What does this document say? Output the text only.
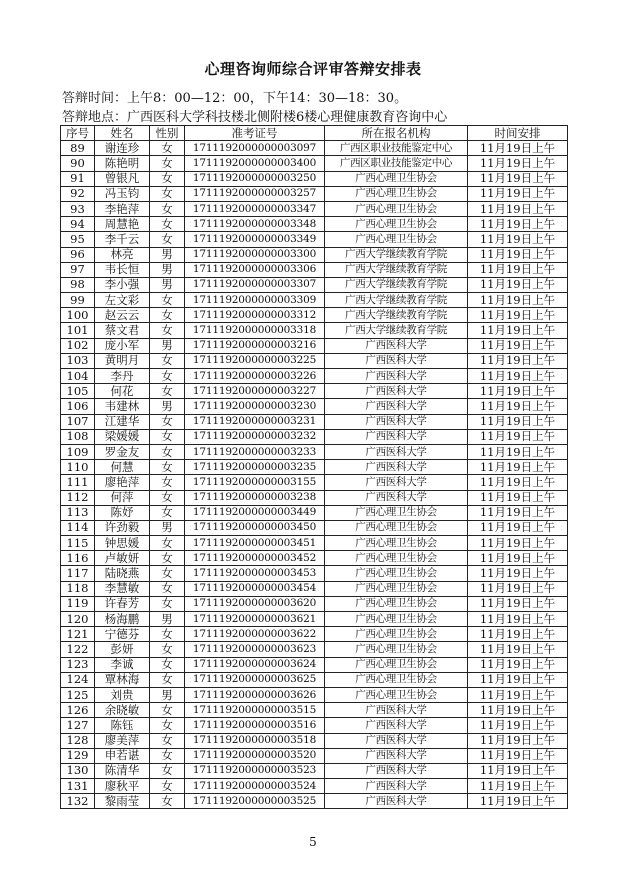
心理咨询师综合评审答辩安排表
答辩时间：上午8：00—12：00，下午14：30—18：30。
答辩地点：广西医科大学科技楼北侧附楼6楼心理健康教育咨询中心
序号	姓名	性别	准考证号	所在报名机构	时间安排
89	谢连珍	女	1711192000000003097	广西区职业技能鉴定中心	11月19日上午
90	陈艳明	女	1711192000000003400	广西区职业技能鉴定中心	11月19日上午
91	曾银凡	女	1711192000000003250	广西心理卫生协会	11月19日上午
92	冯玉钧	女	1711192000000003257	广西心理卫生协会	11月19日上午
93	李艳萍	女	1711192000000003347	广西心理卫生协会	11月19日上午
94	周慧艳	女	1711192000000003348	广西心理卫生协会	11月19日上午
95	李千云	女	1711192000000003349	广西心理卫生协会	11月19日上午
96	林亮	男	1711192000000003300	广西大学继续教育学院	11月19日上午
97	韦长恒	男	1711192000000003306	广西大学继续教育学院	11月19日上午
98	李小强	男	1711192000000003307	广西大学继续教育学院	11月19日上午
99	左文彩	女	1711192000000003309	广西大学继续教育学院	11月19日上午
100	赵云云	女	1711192000000003312	广西大学继续教育学院	11月19日上午
101	蔡文君	女	1711192000000003318	广西大学继续教育学院	11月19日上午
102	庞小军	男	1711192000000003216	广西医科大学	11月19日上午
103	黄明月	女	1711192000000003225	广西医科大学	11月19日上午
104	李丹	女	1711192000000003226	广西医科大学	11月19日上午
105	何花	女	1711192000000003227	广西医科大学	11月19日上午
106	韦建林	男	1711192000000003230	广西医科大学	11月19日上午
107	江建华	女	1711192000000003231	广西医科大学	11月19日上午
108	梁媛媛	女	1711192000000003232	广西医科大学	11月19日上午
109	罗金友	女	1711192000000003233	广西医科大学	11月19日上午
110	何慧	女	1711192000000003235	广西医科大学	11月19日上午
111	廖艳萍	女	1711192000000003155	广西医科大学	11月19日上午
112	何萍	女	1711192000000003238	广西医科大学	11月19日上午
113	陈妤	女	1711192000000003449	广西心理卫生协会	11月19日上午
114	许劲毅	男	1711192000000003450	广西心理卫生协会	11月19日上午
115	钟思媛	女	1711192000000003451	广西心理卫生协会	11月19日上午
116	卢敏妍	女	1711192000000003452	广西心理卫生协会	11月19日上午
117	陆晓燕	女	1711192000000003453	广西心理卫生协会	11月19日上午
118	李慧敏	女	1711192000000003454	广西心理卫生协会	11月19日上午
119	许春芳	女	1711192000000003620	广西心理卫生协会	11月19日上午
120	杨海鹏	男	1711192000000003621	广西心理卫生协会	11月19日上午
121	宁德芬	女	1711192000000003622	广西心理卫生协会	11月19日上午
122	彭妍	女	1711192000000003623	广西心理卫生协会	11月19日上午
123	李诚	女	1711192000000003624	广西心理卫生协会	11月19日上午
124	覃林海	女	1711192000000003625	广西心理卫生协会	11月19日上午
125	刘贵	男	1711192000000003626	广西心理卫生协会	11月19日上午
126	余晓敏	女	1711192000000003515	广西医科大学	11月19日上午
127	陈钰	女	1711192000000003516	广西医科大学	11月19日上午
128	廖美萍	女	1711192000000003518	广西医科大学	11月19日上午
129	申若谌	女	1711192000000003520	广西医科大学	11月19日上午
130	陈清华	女	1711192000000003523	广西医科大学	11月19日上午
131	廖秋平	女	1711192000000003524	广西医科大学	11月19日上午
132	黎雨莹	女	1711192000000003525	广西医科大学	11月19日上午
5
